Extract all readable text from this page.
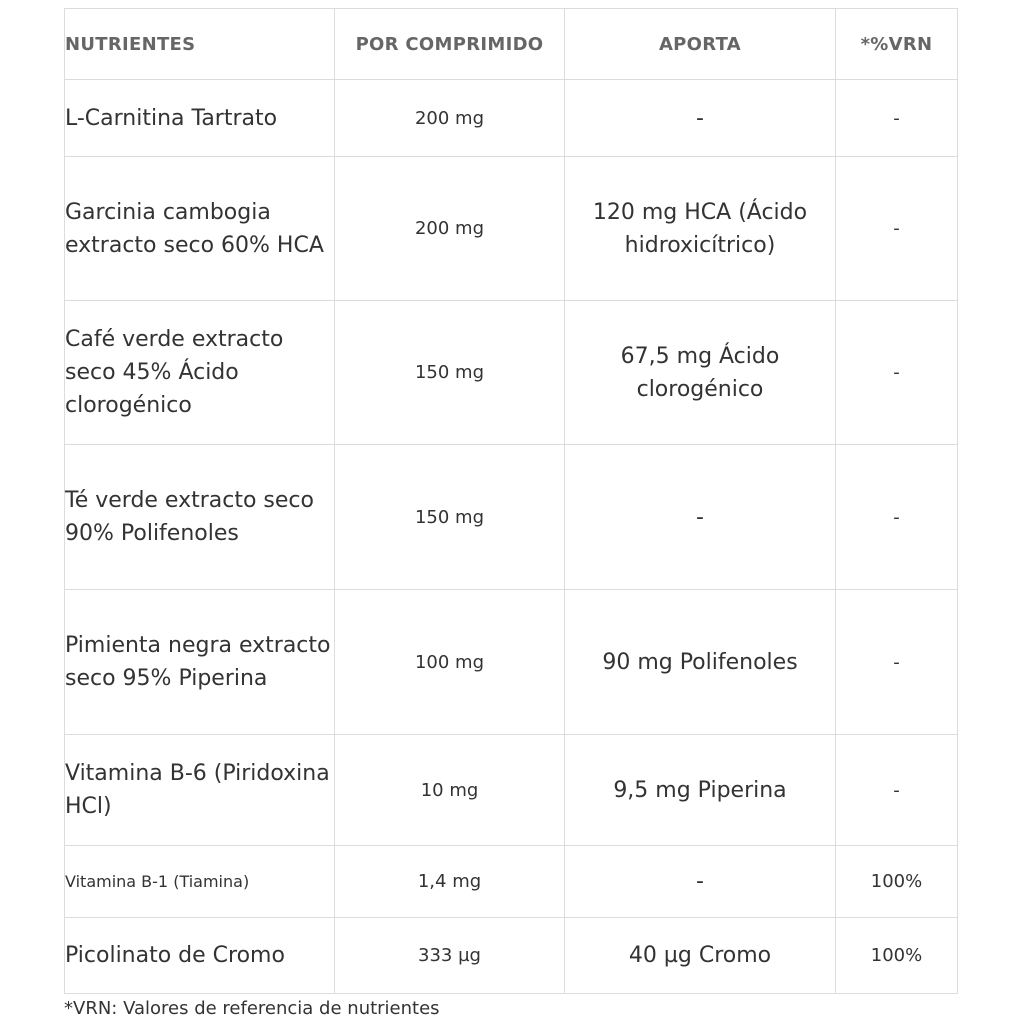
NUTRIENTES	POR COMPRIMIDO	APORTA	*%VRN
L-Carnitina Tartrato	200 mg	-	-
Garcinia cambogia extracto seco 60% HCA	200 mg	120 mg HCA (Ácido hidroxicítrico)	-
Café verde extracto seco 45% Ácido clorogénico	150 mg	67,5 mg Ácido clorogénico	-
Té verde extracto seco 90% Polifenoles	150 mg	-	-
Pimienta negra extracto seco 95% Piperina	100 mg	90 mg Polifenoles	-
Vitamina B-6 (Piridoxina HCl)	10 mg	9,5 mg Piperina	-
Vitamina B-1 (Tiamina)	1,4 mg	-	100%
Picolinato de Cromo	333 µg	40 µg Cromo	100%
*VRN: Valores de referencia de nutrientes
